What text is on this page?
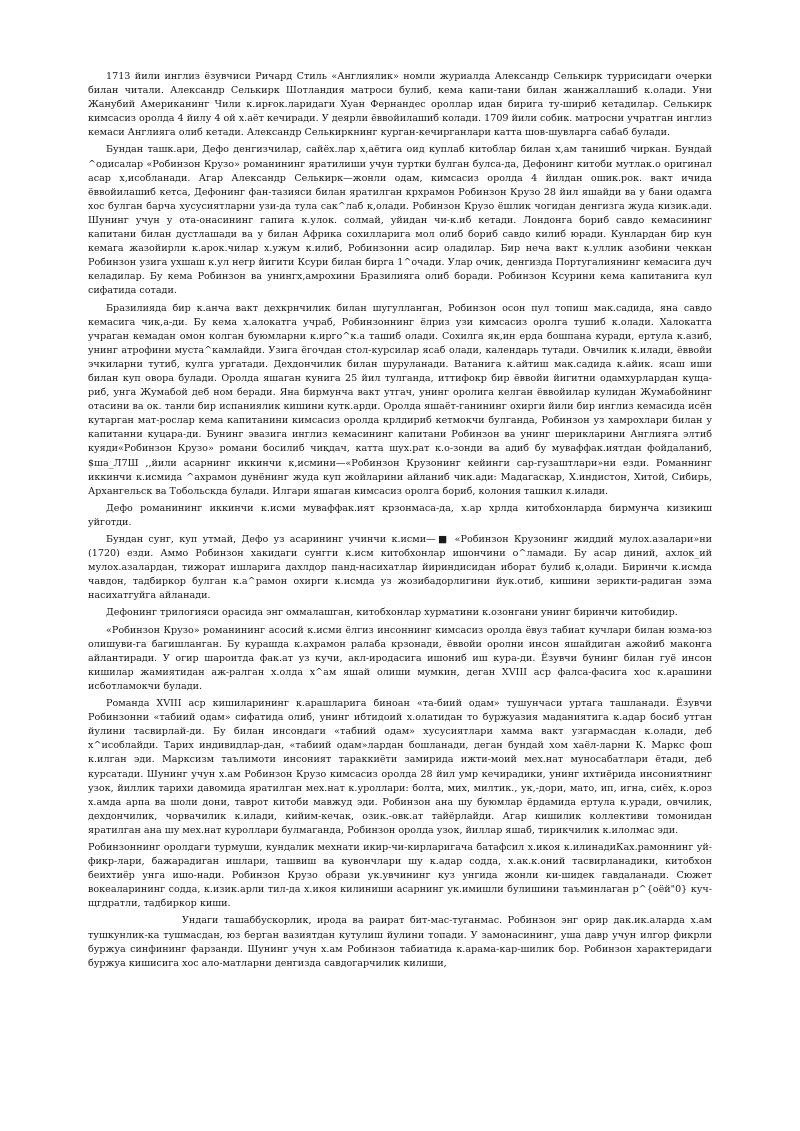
1713 йили инглиз ёзувчиси Ричард Стиль «Англиялик» номли журиалда Александр Селькирк туррисидаги очерки билан читали. Александр Селькирк Шотландия матроси булиб, кема капи-тани билан жанжаллашиб к.олади. Уни Жанубий Американинг Чили к.ирғок.ларидаги Хуан Фернандес ороллар идан бирига ту-шириб кетадилар. Селькирк кимсасиз оролда 4 йилу 4 ой х.аёт кечиради. У деярли ёввойилашиб колади. 1709 йили собик. матросни учратган инглиз кемаси Англияга олиб кетади. Александр Селькиркнинг курган-кечирганлари катта шов-шувларга сабаб булади.

Бундан ташк.ари, Дефо денгизчилар, сайёх.лар х,аётига оид куплаб китоблар билан х,ам танишиб чиркан. Бундай ^одисалар «Робинзон Крузо» романининг яратилиши учун туртки булган булса-да, Дефонинг китоби мутлак.о оригинал асар х,исобланади. Агар Александр Селькирк—жонли одам, кимсасиз оролда 4 йилдан ошик.рок. вакт ичида ёввойилашиб кетса, Дефонинг фан-тазияси билан яратилган крхрамон Робинзон Крузо 28 йил яшайди ва у бани одамга хос булган барча хусусиятларни узи-да тула сак^лаб к,олади. Робинзон Крузо ёшлик чогидан денгизга жуда кизик.ади. Шунинг учун у ота-онасининг гапига к.улок. солмай, уйидан чи-к.иб кетади. Лондонга бориб савдо кемасининг капитани билан дустлашади ва у билан Африка сохилларига мол олиб бориб савдо килиб юради. Кунлардан бир кун кемага жазойирли к.арок.чилар х.ужум к.илиб, Робинзонни асир оладилар. Бир неча вакт к.уллик азобини чеккан Робинзон узига ухшаш к.ул негр йигити Ксури билан бирга 1^очади. Улар очик, денгизда Португалиянинг кемасига дуч келадилар. Бу кема Робинзон ва унингх,амрохини Бразилияга олиб боради. Робинзон Ксурини кема капитанига кул сифатида сотади.

Бразилияда бир к.анча вакт дехкрнчилик билан шугулланган, Робинзон осон пул топиш мак.садида, яна савдо кемасига чик,а-ди. Бу кема х.алокатга учраб, Робинзоннинг ёлриз узи кимсасиз оролга тушиб к.олади. Халокатга учраган кемадан омон колган буюмларни к.ирго^к.а ташиб олади. Сохилга як,ин ерда бошпана куради, ертула к.азиб, унинг атрофини муста^камлайди. Узига ёгочдан стол-курсилар ясаб олади, календарь тутади. Овчилик к.илади, ёввойи эчкиларни тутиб, кулга ургатади. Дехдончилик билан шуруланади. Ватанига к.айтиш мак.садида к.айик. ясаш иши билан куп овора булади. Оролда яшаган кунига 25 йил тулганда, иттифокр бир ёввойи йигитни одамхурлардан куща-риб, унга Жумабой деб ном беради. Яна бирмунча вакт утгач, унинг оролига келган ёввойилар кулидан Жумабойнинг отасини ва ок. танли бир испаниялик кишини кутк.арди. Оролда яшаёт-ганининг охирги йили бир инглиз кемасида исён кутарган мат-рослар кема капитанини кимсасиз оролда крлдириб кетмокчи булганда, Робинзон уз хамрохлари билан у капитанни куцара-ди. Бунинг эвазига инглиз кемасининг капитани Робинзон ва унинг шерикларини Англияга элтиб куяди«Робинзон Крузо» романи босилиб чиқдач, катта шух.рат к.о-зонди ва адиб бу муваффак.иятдан фойдаланиб, $ша_Л7Ш ,,йили асарнинг иккинчи к,исмини—«Робинзон Крузонинг кейинги сар-гузаштлари»ни езди. Романнинг иккинчи к.исмида ^ахрамон дунёнинг жуда куп жойларини айланиб чик.ади: Мадагаскар, Х.индистон, Хитой, Сибирь, Архангельск ва Тобольскда булади. Илгари яшаган кимсасиз оролга бориб, колония ташкил к.илади.

Дефо романининг иккинчи к.исми муваффак.ият крзонмаса-да, х.ар хрлда китобхонларда бирмунча кизикиш уйготди.

Бундан сунг, куп утмай, Дефо уз асарининг учинчи к.исми—■ «Робинзон Крузонинг жиддий мулох.азалари»ни (1720) езди. Аммо Робинзон хакидаги сунгги к.исм китобхонлар ишончини о^ламади. Бу асар диний, ахлок_ий мулох.азалардан, тижорат ишларига дахлдор панд-насихатлар йириндисидан иборат булиб к,олади. Биринчи к.исмда чавдон, тадбиркор булган к.а^рамон охирги к.исмда уз жозибадорлигини йук.отиб, кишини зерикти-радиган зэма насихатгуйга айланади.

Дефонинг трилогияси орасида энг оммалашган, китобхонлар хурматини к.озонгани унинг биринчи китобидир.

«Робинзон Крузо» романининг асосий к.исми ёлгиз инсоннинг кимсасиз оролда ёвуз табиат кучлари билан юзма-юз олишуви-га багишланган. Бу курашда к.ахрамон ралаба крзонади, ёввойи оролни инсон яшайдиган ажойиб маконга айлантиради. У огир шароитда фак.ат уз кучи, акл-иродасига ишониб иш кура-ди. Ёзувчи бунинг билан гуё инсон кишилар жамиятидан аж-ралган х.олда х^ам яшай олиши мумкин, деган XVIII аср фалса-фасига хос к.арашини исботламокчи булади.

Романда XVIII аср кишиларининг к.арашларига биноан «та-биий одам» тушунчаси уртага ташланади. Ёзувчи Робинзонни «табиий одам» сифатида олиб, унинг ибтидоий х.олатидан то буржуазия маданиятига к.адар босиб утган йулини тасвирлай-ди. Бу билан инсондаги «табиий одам» хусусиятлари хамма вакт узгармасдан к.олади, деб х^исоблайди. Тарих индивидлар-дан, «табиий одам»лардан бошланади, деган бундай хом хаёл-ларни К. Маркс фош к.илган эди. Марксизм таълимоти инсоният тараккиёти замирида ижти-моий мех.нат муносабатлари ётади, деб курсатади. Шунинг учун х.ам Робинзон Крузо кимсасиз оролда 28 йил умр кечирадики, унинг ихтиёрида инсониятнинг узок, йиллик тарихи давомида яратилган мех.нат к.уроллари: болта, мих, милтик., ук,-дори, мато, ип, игна, сиёх, к.ороз х.амда арпа ва шоли дони, таврот китоби мавжуд эди. Робинзон ана шу буюмлар ёрдамида ертула к.уради, овчилик, дехдончилик, чорвачилик к.илади, кийим-кечак, озик.-овк.ат тайёрлайди. Агар кишилик коллективи томонидан яратилган ана шу мех.нат куроллари булмаганда, Робинзон оролда узок, йиллар яшаб, тирикчилик к.илолмас эди.

Робинзоннинг оролдаги турмуши, кундалик мехнати икир-чи-кирларигача батафсил х.икоя к.илинадиКах.рамоннинг уй-фикр-лари, бажарадиган ишлари, ташвиш ва кувончлари шу к.адар содда, х.ак.к.оний тасвирланадики, китобхон беихтиёр унга ишо-нади. Робинзон Крузо образи ук.увчининг куз унгида жонли ки-шидек гавдаланади. Сюжет вокеаларининг содда, к.изик.арли тил-да х.икоя килиниши асарнинг ук.имишли булишини таъминлаган p^{оёй"0} куч-щгдратли, тадбиркор киши.

Ундаги ташаббускорлик, ирода ва раират бит-мас-туганмас. Робинзон энг орир дак.ик.аларда х.ам тушкунлик-ка тушмасдан, юз берган вазиятдан кутулиш йулини топади. У замонасининг, уша давр учун илгор фикрли буржуа синфининг фарзанди. Шунинг учун х.ам Робинзон табиатида к.арама-кар-шилик бор. Робинзон характеридаги буржуа кишисига хос ало-матларни денгизда савдогарчилик килиши,
